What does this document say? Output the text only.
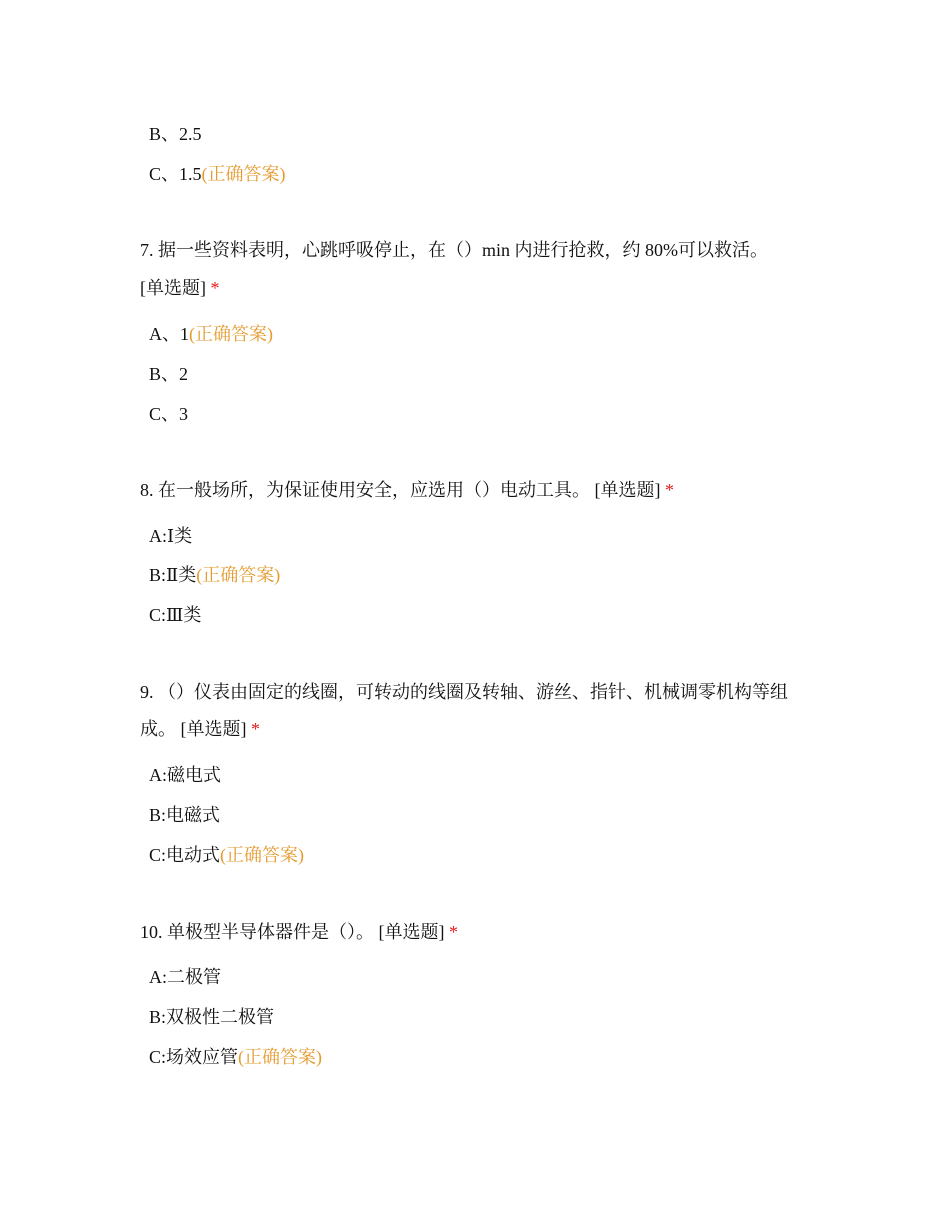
B、2.5
C、1.5(正确答案)
7. 据一些资料表明，心跳呼吸停止，在（）min 内进行抢救，约 80%可以救活。
[单选题] *
A、1(正确答案)
B、2
C、3
8. 在一般场所，为保证使用安全，应选用（）电动工具。 [单选题] *
A:Ⅰ类
B:Ⅱ类(正确答案)
C:Ⅲ类
9. （）仪表由固定的线圈，可转动的线圈及转轴、游丝、指针、机械调零机构等组
成。 [单选题] *
A:磁电式
B:电磁式
C:电动式(正确答案)
10. 单极型半导体器件是（）。 [单选题] *
A:二极管
B:双极性二极管
C:场效应管(正确答案)
